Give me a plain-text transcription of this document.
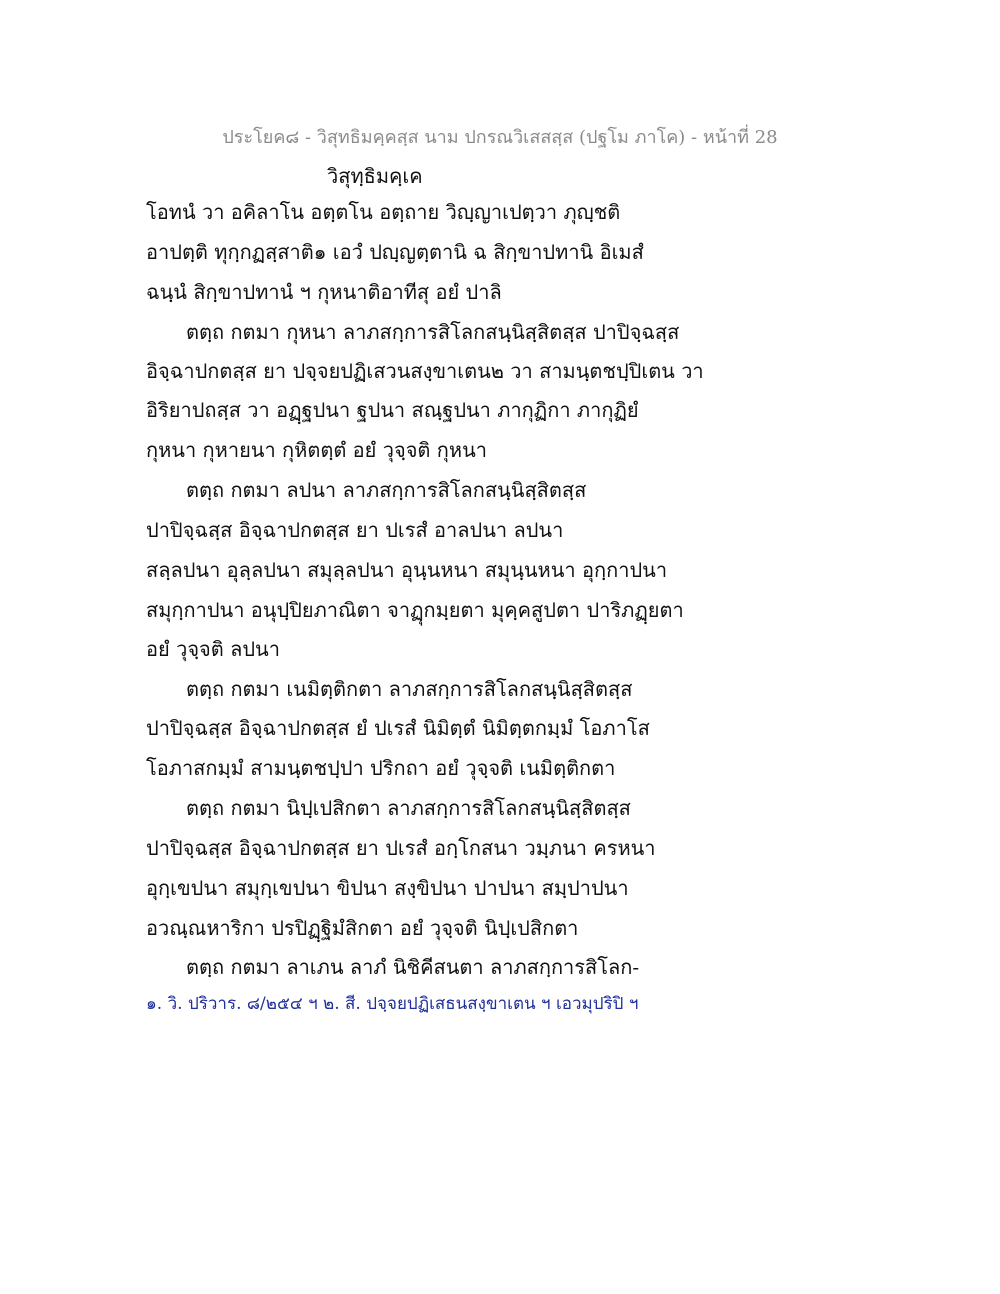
ประโยค๘ - วิสุทธิมคฺคสฺส นาม ปกรณวิเสสสฺส (ปฐโม ภาโค) - หน้าที่ 28
วิสุทฺธิมคฺเค
โอทนํ วา อคิลาโน อตฺตโน อตฺถาย วิญฺญาเปตฺวา ภุญฺชติ
อาปตฺติ ทุกฺกฏสฺสาติ๑ เอวํ ปญฺญตฺตานิ ฉ สิกฺขาปทานิ อิเมสํ
ฉนฺนํ สิกฺขาปทานํ ฯ กุหนาติอาทีสุ อยํ ปาลิ
ตตฺถ กตมา กุหนา ลาภสกฺการสิโลกสนฺนิสฺสิตสฺส ปาปิจฺฉสฺส
อิจฺฉาปกตสฺส ยา ปจฺจยปฏิเสวนสงฺขาเตน๒ วา สามนฺตชปฺปิเตน วา
อิริยาปถสฺส วา อฏฺฐปนา ฐปนา สณฺฐปนา ภากุฏิกา ภากุฏิยํ
กุหนา กุหายนา กุหิตตฺตํ อยํ วุจฺจติ กุหนา
ตตฺถ กตมา ลปนา ลาภสกฺการสิโลกสนฺนิสฺสิตสฺส
ปาปิจฺฉสฺส อิจฺฉาปกตสฺส ยา ปเรสํ อาลปนา ลปนา
สลฺลปนา อุลฺลปนา สมุลฺลปนา อุนฺนหนา สมุนฺนหนา อุกฺกาปนา
สมุกฺกาปนา อนุปฺปิยภาณิตา จาฏุกมฺยตา มุคฺคสูปตา ปาริภฏฺยตา
อยํ วุจฺจติ ลปนา
ตตฺถ กตมา เนมิตฺติกตา ลาภสกฺการสิโลกสนฺนิสฺสิตสฺส
ปาปิจฺฉสฺส อิจฺฉาปกตสฺส ยํ ปเรสํ นิมิตฺตํ นิมิตฺตกมฺมํ โอภาโส
โอภาสกมฺมํ สามนฺตชปฺปา ปริกถา อยํ วุจฺจติ เนมิตฺติกตา
ตตฺถ กตมา นิปฺเปสิกตา ลาภสกฺการสิโลกสนฺนิสฺสิตสฺส
ปาปิจฺฉสฺส อิจฺฉาปกตสฺส ยา ปเรสํ อกฺโกสนา วมฺภนา ครหนา
อุกฺเขปนา สมุกฺเขปนา ขิปนา สงฺขิปนา ปาปนา สมฺปาปนา
อวณฺณหาริกา ปรปิฏฺฐิมํสิกตา อยํ วุจฺจติ นิปฺเปสิกตา
ตตฺถ กตมา ลาเภน ลาภํ นิชิคีสนตา ลาภสกฺการสิโลก-
๑. วิ. ปริวาร. ๘/๒๕๔ ฯ ๒. สี. ปจฺจยปฏิเสธนสงฺขาเตน ฯ เอวมุปริปิ ฯ
